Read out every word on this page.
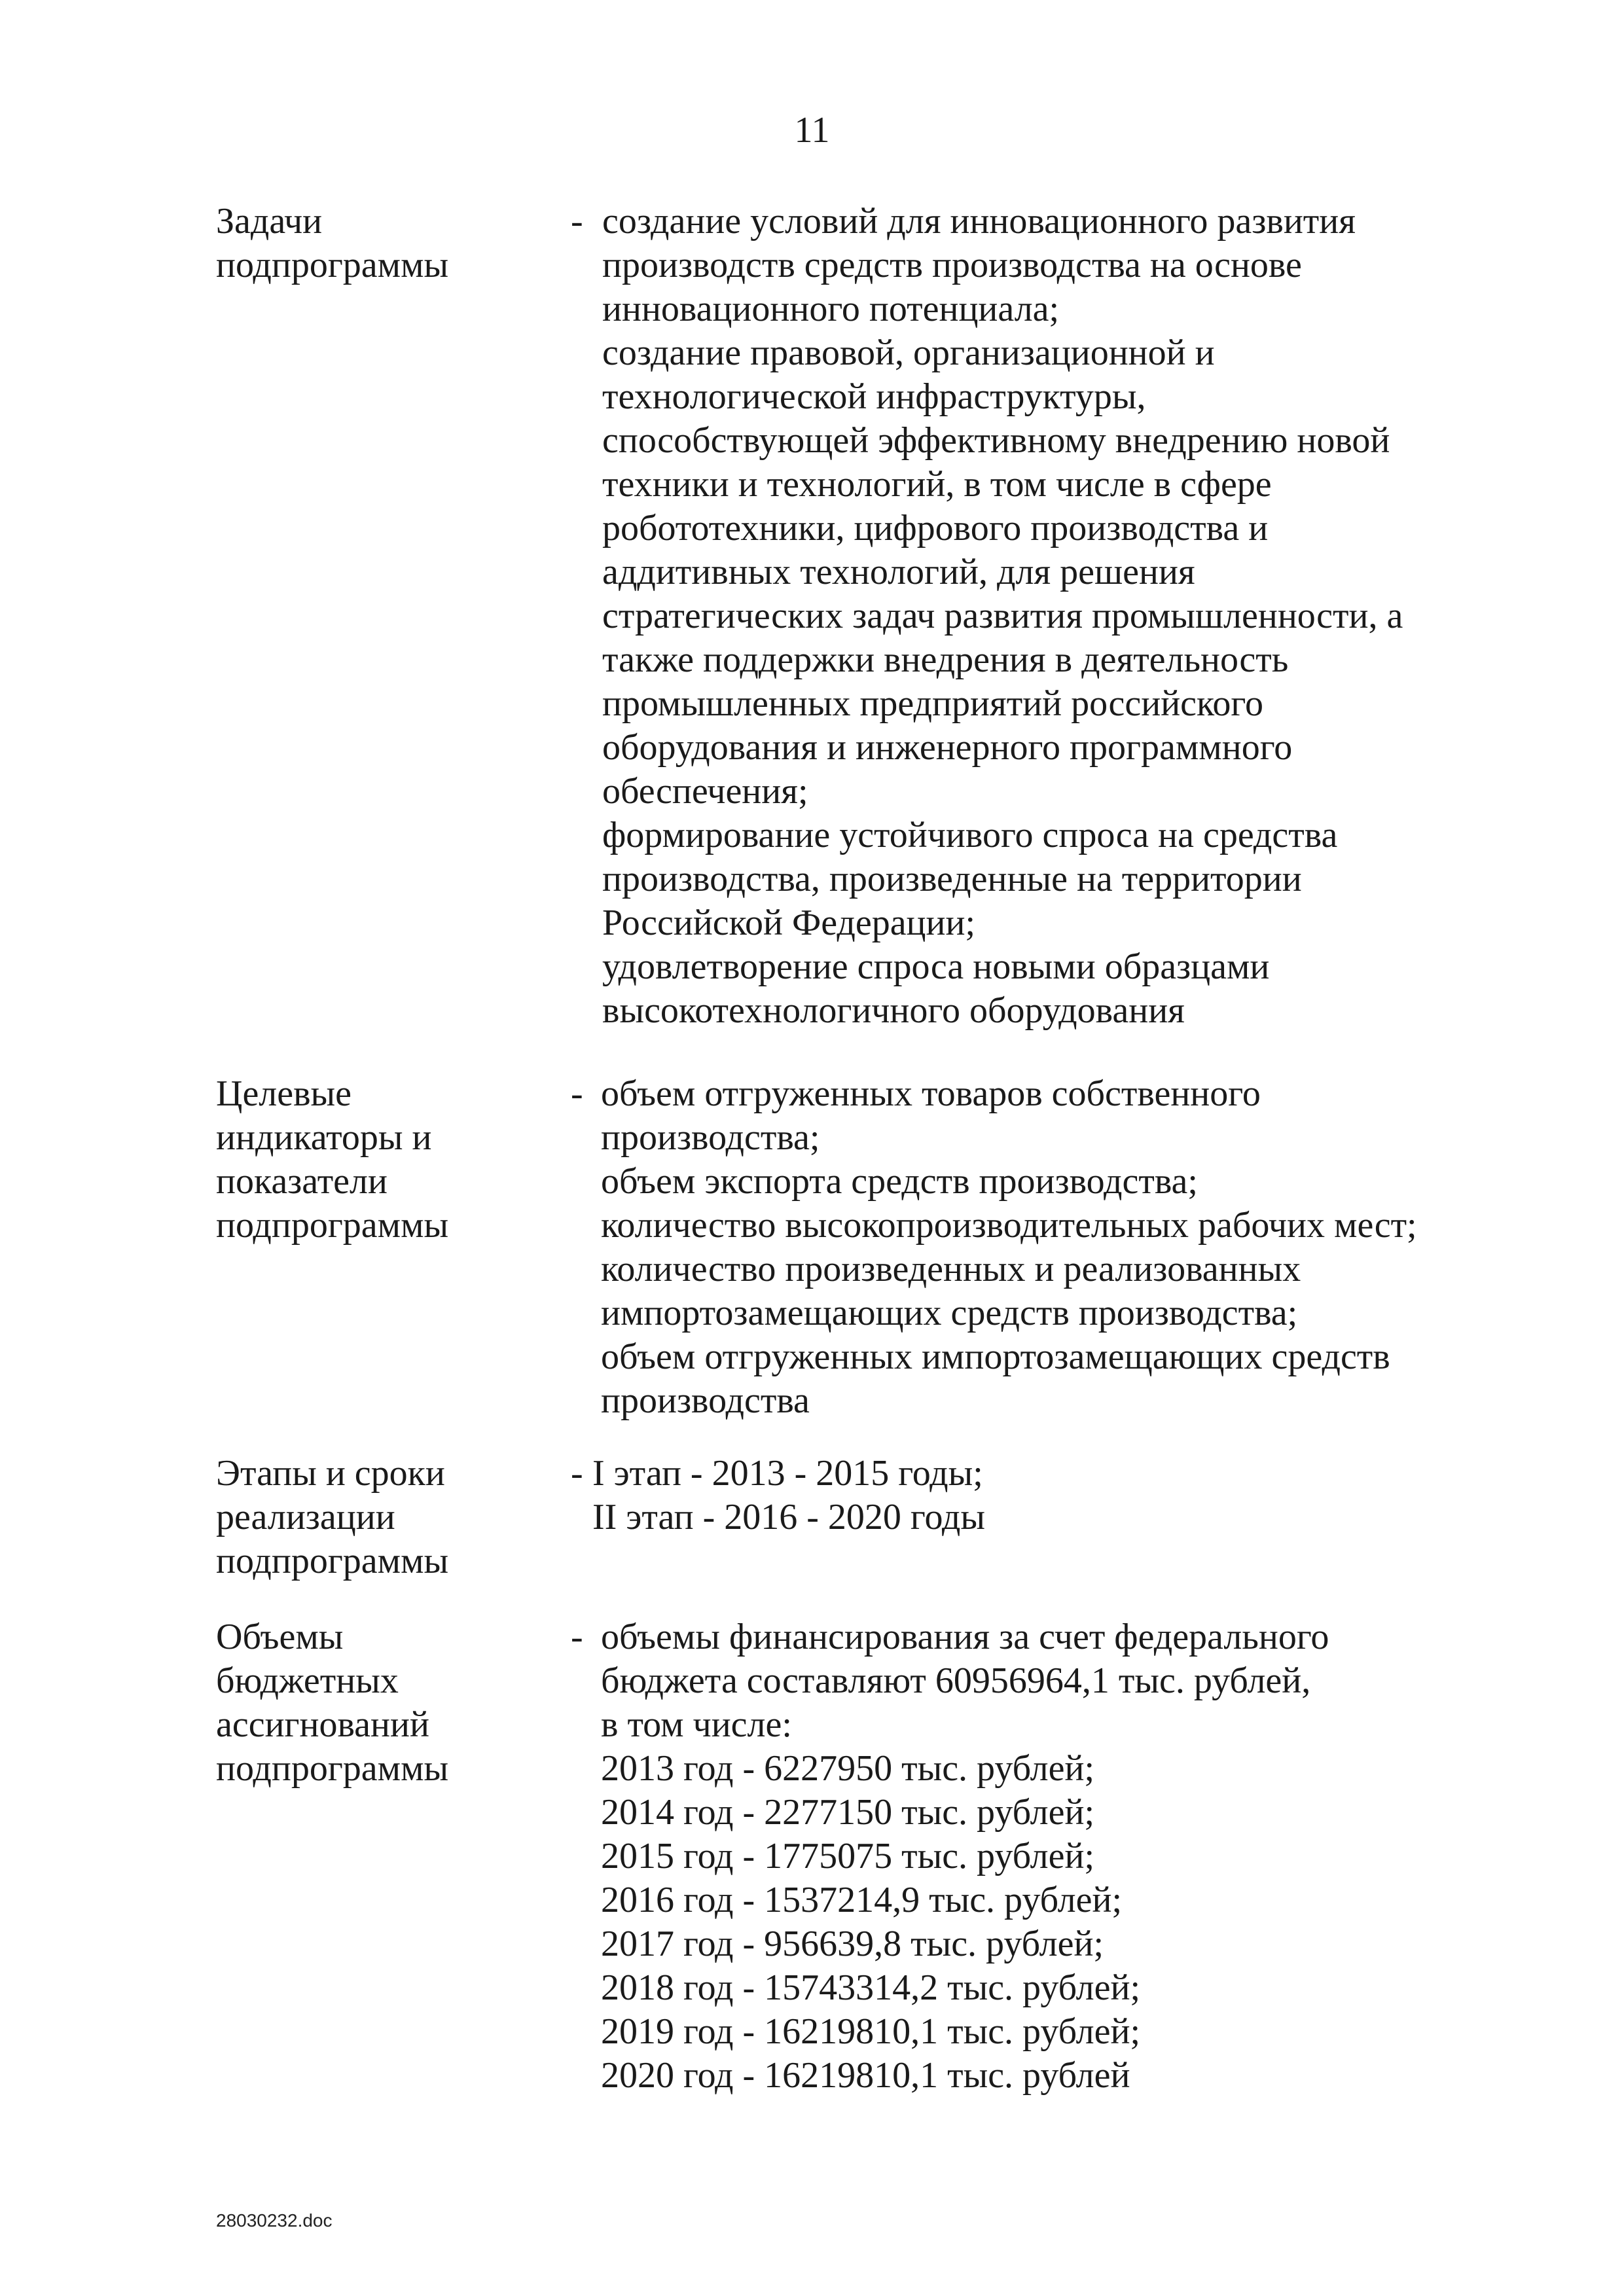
11
Задачи
подпрограммы
- создание условий для инновационного развития
производств средств производства на основе
инновационного потенциала;
создание правовой, организационной и
технологической инфраструктуры,
способствующей эффективному внедрению новой
техники и технологий, в том числе в сфере
робототехники, цифрового производства и
аддитивных технологий, для решения
стратегических задач развития промышленности, а
также поддержки внедрения в деятельность
промышленных предприятий российского
оборудования и инженерного программного
обеспечения;
формирование устойчивого спроса на средства
производства, произведенные на территории
Российской Федерации;
удовлетворение спроса новыми образцами
высокотехнологичного оборудования
Целевые
индикаторы и
показатели
подпрограммы
- объем отгруженных товаров собственного
производства;
объем экспорта средств производства;
количество высокопроизводительных рабочих мест;
количество произведенных и реализованных
импортозамещающих средств производства;
объем отгруженных импортозамещающих средств
производства
Этапы и сроки
реализации
подпрограммы
- I этап - 2013 - 2015 годы;
II этап - 2016 - 2020 годы
Объемы
бюджетных
ассигнований
подпрограммы
- объемы финансирования за счет федерального
бюджета составляют 60956964,1 тыс. рублей,
в том числе:
2013 год - 6227950 тыс. рублей;
2014 год - 2277150 тыс. рублей;
2015 год - 1775075 тыс. рублей;
2016 год - 1537214,9 тыс. рублей;
2017 год - 956639,8 тыс. рублей;
2018 год - 15743314,2 тыс. рублей;
2019 год - 16219810,1 тыс. рублей;
2020 год - 16219810,1 тыс. рублей
28030232.doc
